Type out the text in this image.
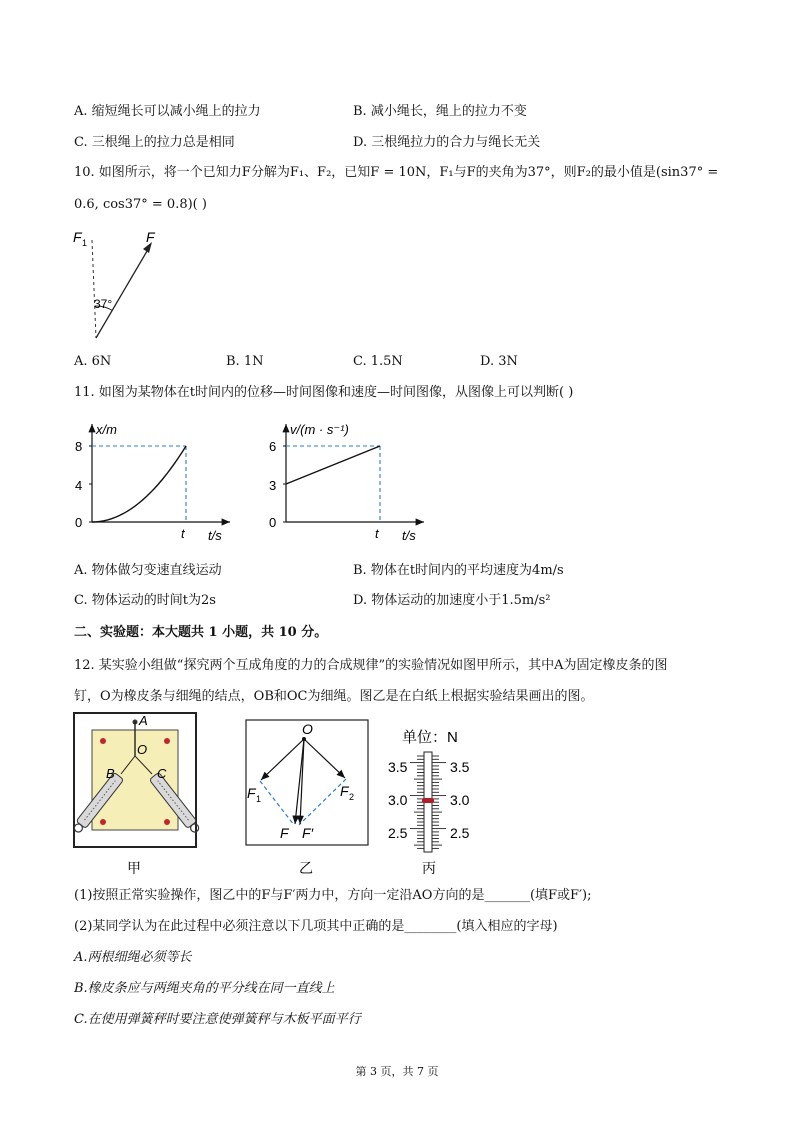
A. 缩短绳长可以减小绳上的拉力	B. 减小绳长，绳上的拉力不变
C. 三根绳上的拉力总是相同	D. 三根绳拉力的合力与绳长无关
10. 如图所示，将一个已知力F分解为F₁、F₂，已知F = 10N，F₁与F的夹角为37°，则F₂的最小值是(sin37° =
0.6, cos37° = 0.8)( )
F 1	F
37°
A. 6N	B. 1N	C. 1.5N	D. 3N
11. 如图为某物体在t时间内的位移—时间图像和速度—时间图像，从图像上可以判断( )
x/m
t/s
0
4
8
t
v/(m · s⁻¹)
t/s
0
3
6
t
A. 物体做匀变速直线运动	B. 物体在t时间内的平均速度为4m/s
C. 物体运动的时间t为2s	D. 物体运动的加速度小于1.5m/s²
二、实验题：本大题共 1 小题，共 10 分。
12. 某实验小组做“探究两个互成角度的力的合成规律”的实验情况如图甲所示，其中A为固定橡皮条的图
钉，O为橡皮条与细绳的结点，OB和OC为细绳。图乙是在白纸上根据实验结果画出的图。
A
O
B	C
甲
O
F 1	F 2
F F′
乙
单位：N
3.5
3.0
2.5
3.5
3.0
2.5
丙
(1)按照正常实验操作，图乙中的F与F′两力中，方向一定沿AO方向的是_______(填F或F′);
(2)某同学认为在此过程中必须注意以下几项其中正确的是________(填入相应的字母)
A.两根细绳必须等长
B.橡皮条应与两绳夹角的平分线在同一直线上
C.在使用弹簧秤时要注意使弹簧秤与木板平面平行
第 3 页，共 7 页
